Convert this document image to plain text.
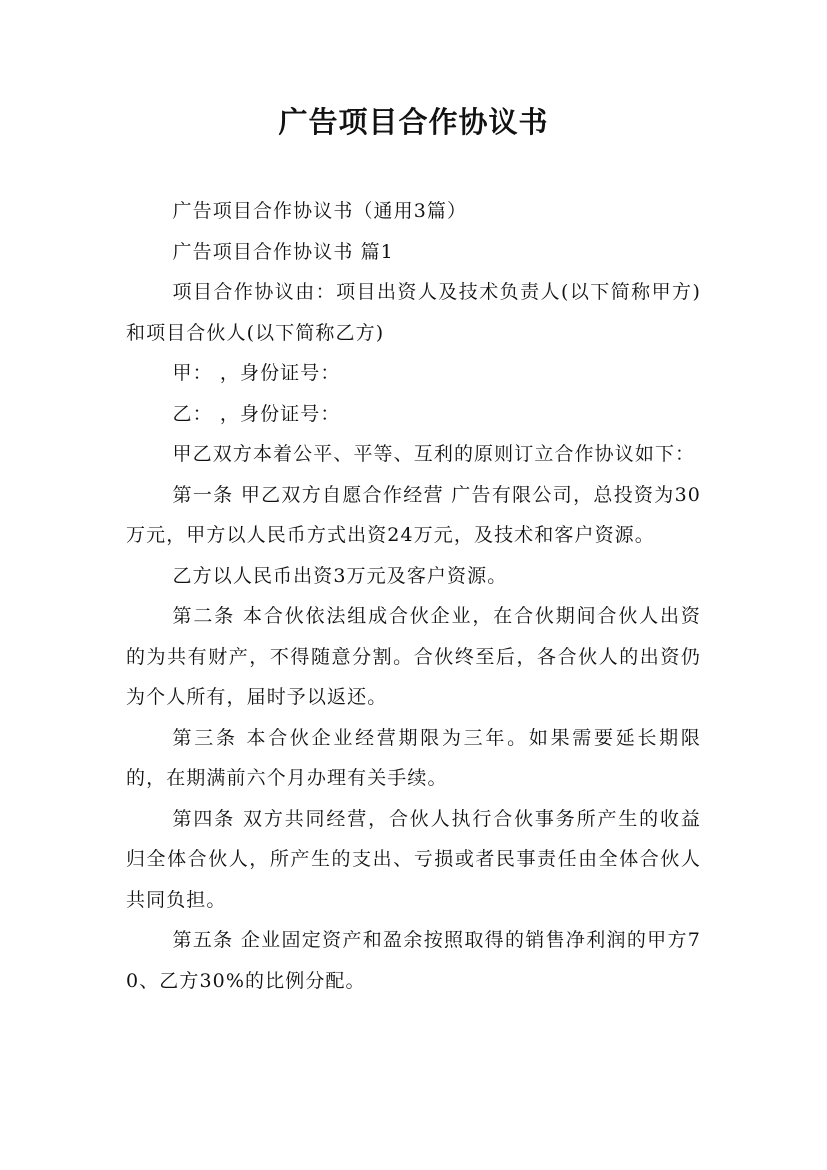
广告项目合作协议书

广告项目合作协议书（通用3篇）

广告项目合作协议书 篇1

项目合作协议由：项目出资人及技术负责人(以下简称甲方)和项目合伙人(以下简称乙方)

甲： ，身份证号：

乙： ，身份证号：

甲乙双方本着公平、平等、互利的原则订立合作协议如下：

第一条 甲乙双方自愿合作经营 广告有限公司，总投资为30万元，甲方以人民币方式出资24万元，及技术和客户资源。

乙方以人民币出资3万元及客户资源。

第二条 本合伙依法组成合伙企业，在合伙期间合伙人出资的为共有财产，不得随意分割。合伙终至后，各合伙人的出资仍为个人所有，届时予以返还。

第三条 本合伙企业经营期限为三年。如果需要延长期限的，在期满前六个月办理有关手续。

第四条 双方共同经营，合伙人执行合伙事务所产生的收益归全体合伙人，所产生的支出、亏损或者民事责任由全体合伙人共同负担。

第五条 企业固定资产和盈余按照取得的销售净利润的甲方70、乙方30%的比例分配。
